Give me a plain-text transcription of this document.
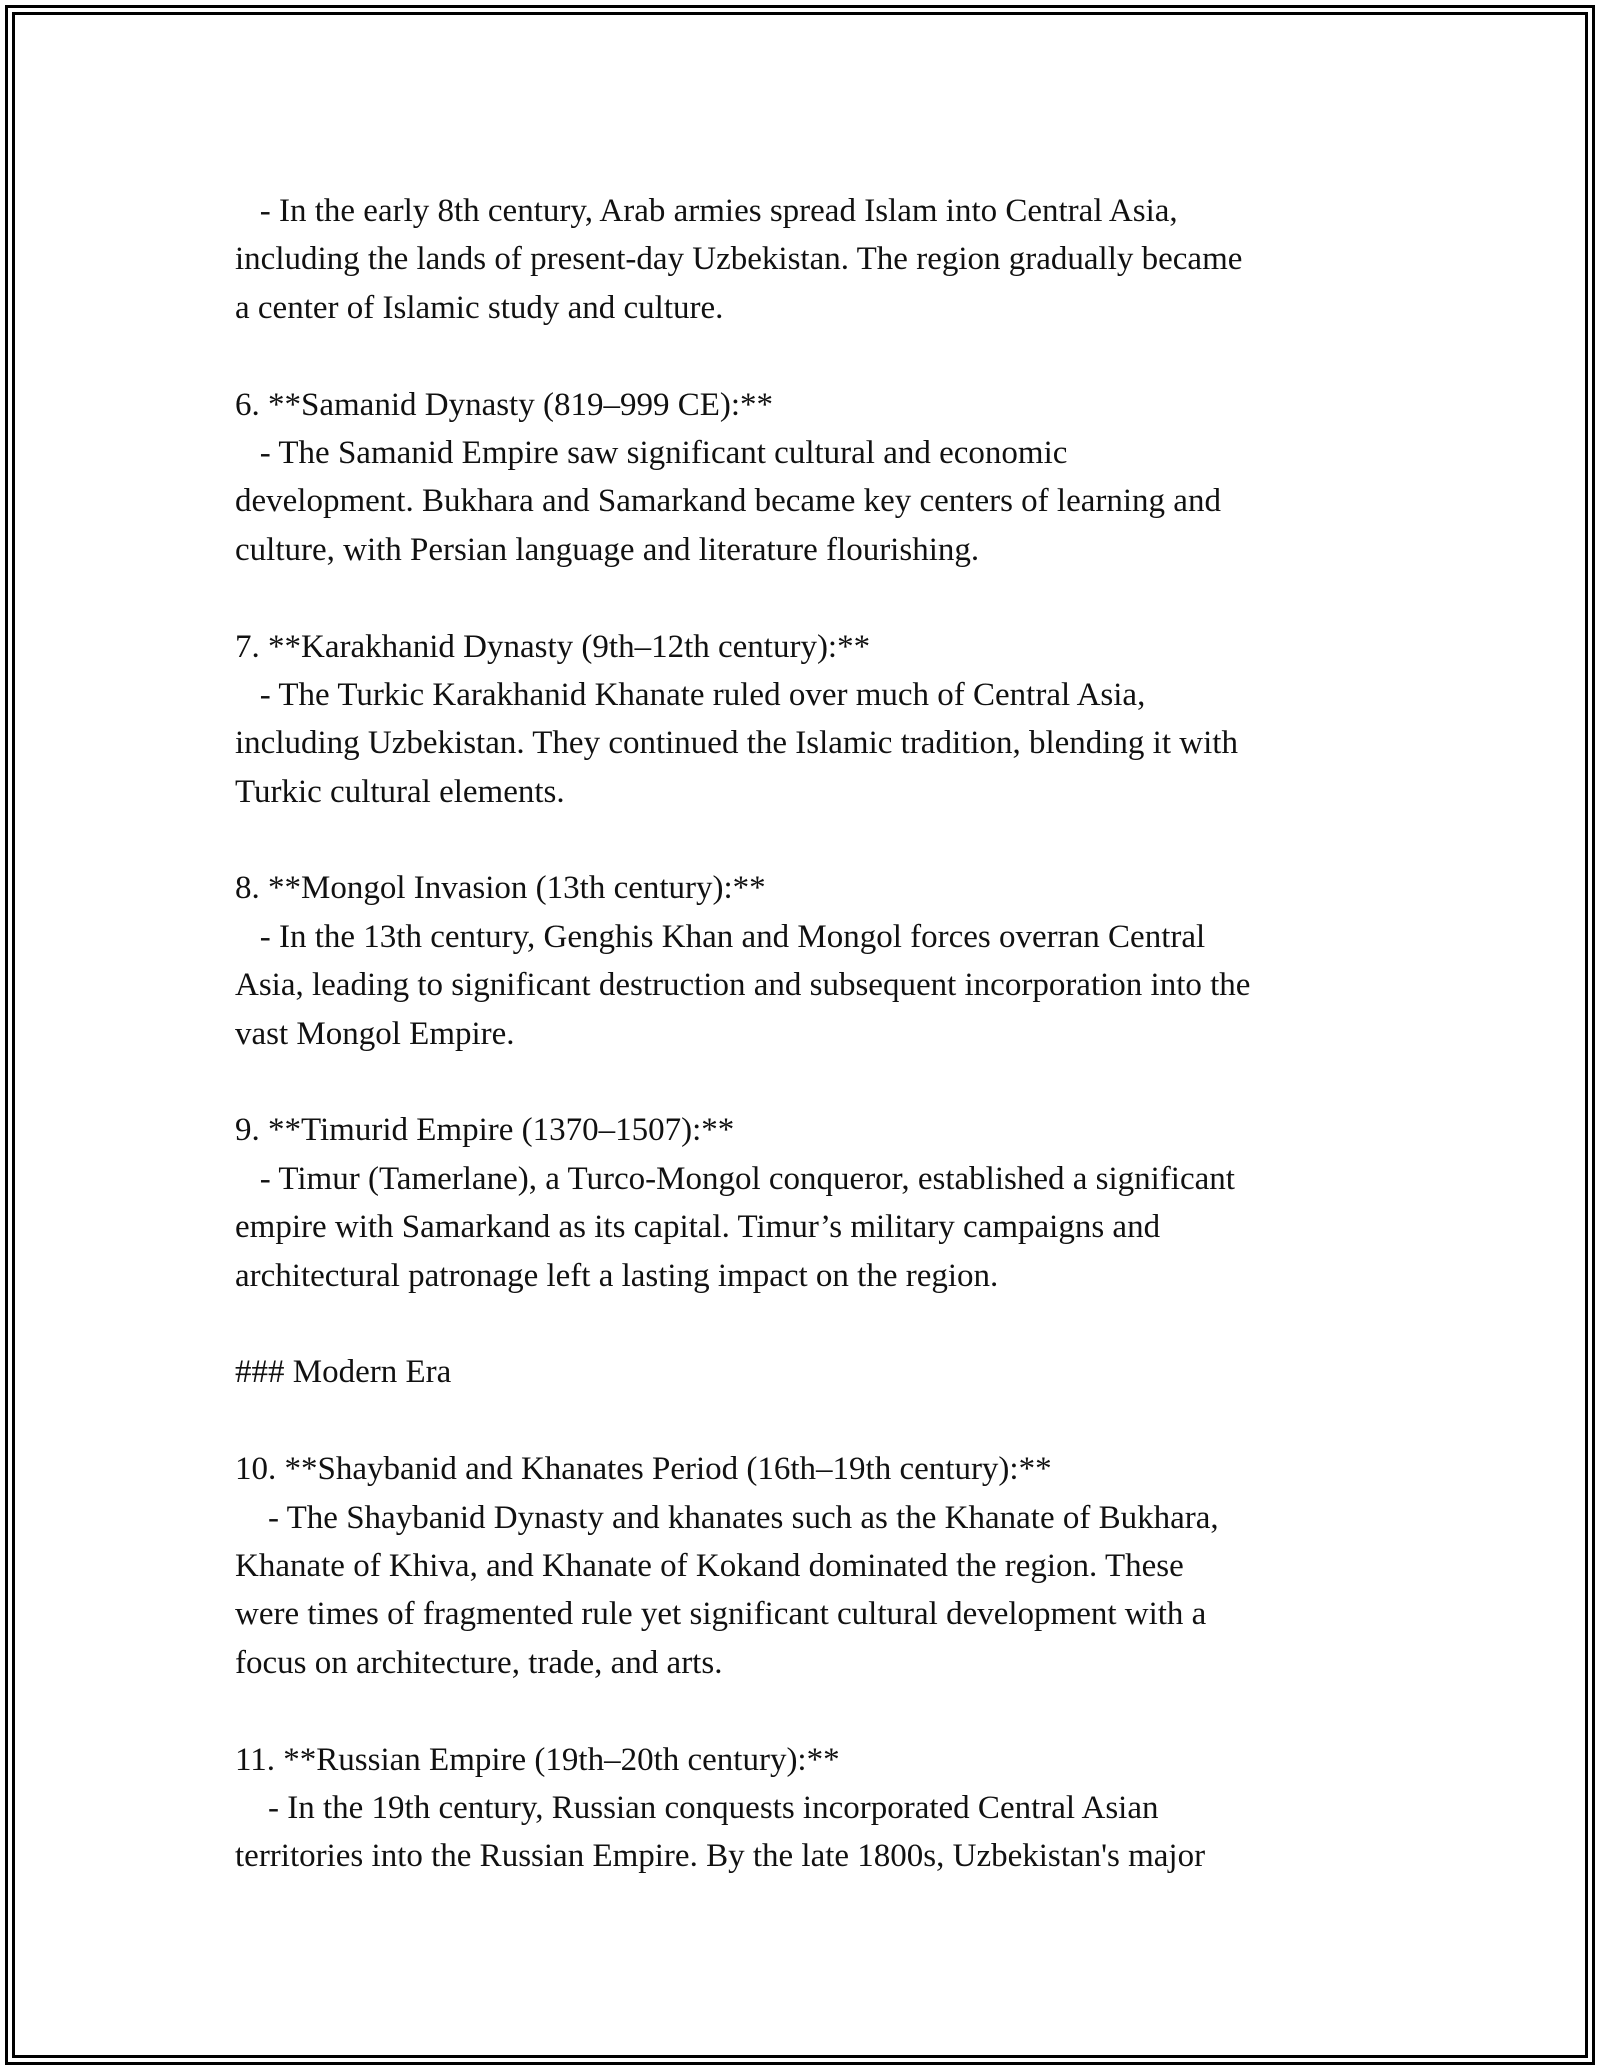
- In the early 8th century, Arab armies spread Islam into Central Asia,
including the lands of present-day Uzbekistan. The region gradually became
a center of Islamic study and culture.
6. **Samanid Dynasty (819–999 CE):**
- The Samanid Empire saw significant cultural and economic
development. Bukhara and Samarkand became key centers of learning and
culture, with Persian language and literature flourishing.
7. **Karakhanid Dynasty (9th–12th century):**
- The Turkic Karakhanid Khanate ruled over much of Central Asia,
including Uzbekistan. They continued the Islamic tradition, blending it with
Turkic cultural elements.
8. **Mongol Invasion (13th century):**
- In the 13th century, Genghis Khan and Mongol forces overran Central
Asia, leading to significant destruction and subsequent incorporation into the
vast Mongol Empire.
9. **Timurid Empire (1370–1507):**
- Timur (Tamerlane), a Turco-Mongol conqueror, established a significant
empire with Samarkand as its capital. Timur’s military campaigns and
architectural patronage left a lasting impact on the region.
### Modern Era
10. **Shaybanid and Khanates Period (16th–19th century):**
- The Shaybanid Dynasty and khanates such as the Khanate of Bukhara,
Khanate of Khiva, and Khanate of Kokand dominated the region. These
were times of fragmented rule yet significant cultural development with a
focus on architecture, trade, and arts.
11. **Russian Empire (19th–20th century):**
- In the 19th century, Russian conquests incorporated Central Asian
territories into the Russian Empire. By the late 1800s, Uzbekistan's major
